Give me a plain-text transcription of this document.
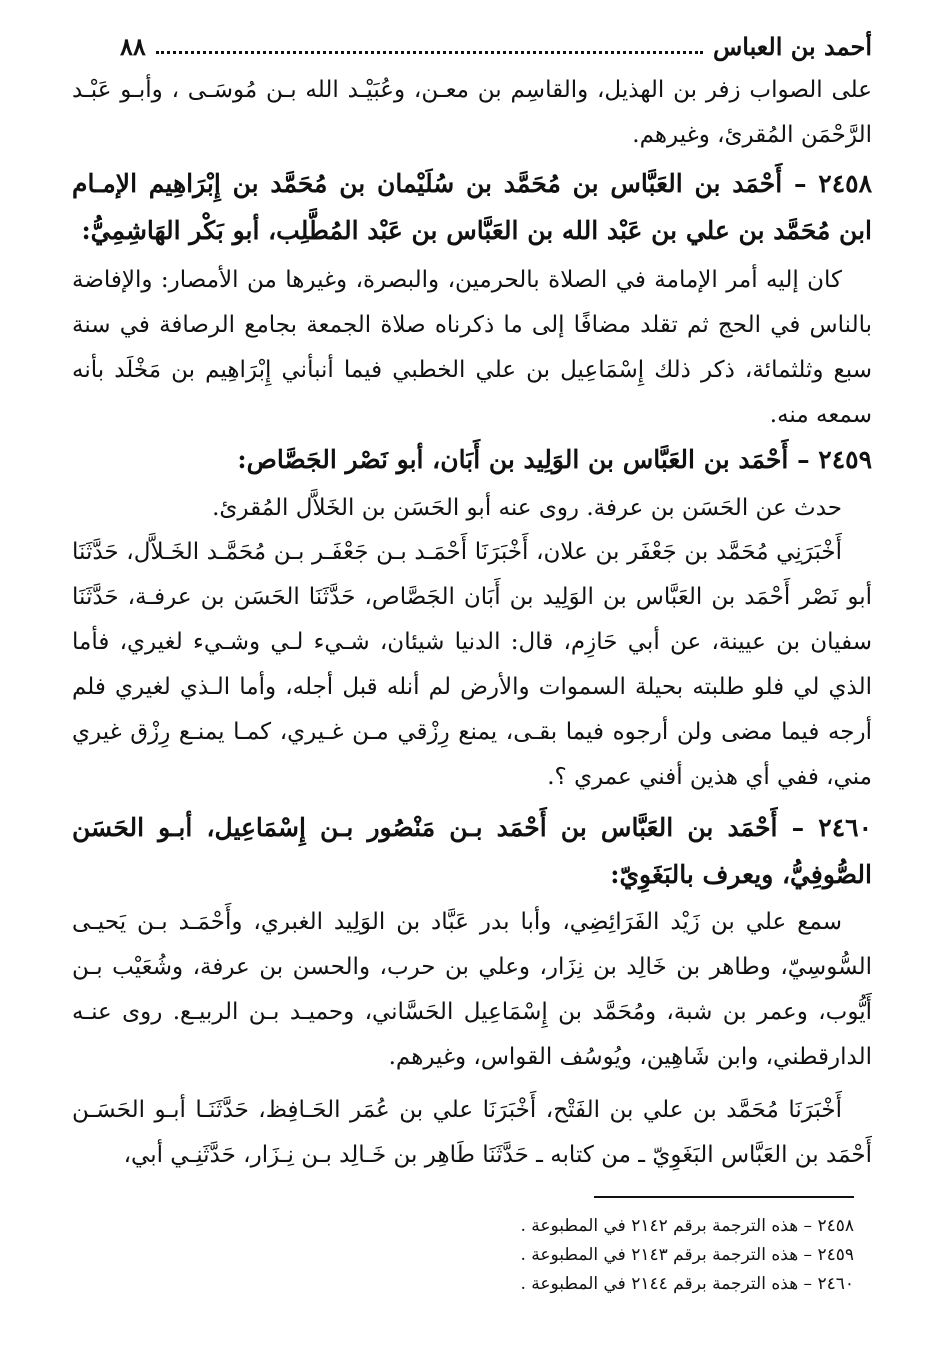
أحمد بن العباس
٨٨

على الصواب زفر بن الهذيل، والقاسِم بن معـن، وعُبَيْـد الله بـن مُوسَـى ، وأبـو عَبْـد الرَّحْمَن المُقرئ، وغيرهم.

٢٤٥٨ – أَحْمَد بن العَبَّاس بن مُحَمَّد بن سُلَيْمان بن مُحَمَّد بن إِبْرَاهِيم الإمـام ابن مُحَمَّد بن علي بن عَبْد الله بن العَبَّاس بن عَبْد المُطَّلِب، أبو بَكْر الهَاشِمِيُّ:

كان إليه أمر الإمامة في الصلاة بالحرمين، والبصرة، وغيرها من الأمصار: والإفاضة بالناس في الحج ثم تقلد مضافًا إلى ما ذكرناه صلاة الجمعة بجامع الرصافة في سنة سبع وثلثمائة، ذكر ذلك إِسْمَاعِيل بن علي الخطبي فيما أنبأني إِبْرَاهِيم بن مَخْلَد بأنه سمعه منه.

٢٤٥٩ – أَحْمَد بن العَبَّاس بن الوَلِيد بن أَبَان، أبو نَصْر الجَصَّاص:

حدث عن الحَسَن بن عرفة. روى عنه أبو الحَسَن بن الخَلاَّل المُقرئ.

أَخْبَرَنِي مُحَمَّد بن جَعْفَر بن علان، أَخْبَرَنَا أَحْمَـد بـن جَعْفَـر بـن مُحَمَّـد الخَـلاَّل، حَدَّثَنَا أبو نَصْر أَحْمَد بن العَبَّاس بن الوَلِيد بن أَبَان الجَصَّاص، حَدَّثَنَا الحَسَن بن عرفـة، حَدَّثَنَا سفيان بن عيينة، عن أبي حَازِم، قال: الدنيا شيئان، شـيء لـي وشـيء لغيري، فأما الذي لي فلو طلبته بحيلة السموات والأرض لم أنله قبل أجله، وأما الـذي لغيري فلم أرجه فيما مضى ولن أرجوه فيما بقـى، يمنع رِزْقي مـن غـيري، كمـا يمنـع رِزْق غيري مني، ففي أي هذين أفني عمري ؟.

٢٤٦٠ – أَحْمَد بن العَبَّاس بن أَحْمَد بـن مَنْصُور بـن إِسْمَاعِيل، أبـو الحَسَن الصُّوفِيُّ، ويعرف بالبَغَوِيّ:

سمع علي بن زَيْد الفَرَائِضِي، وأبا بدر عَبَّاد بن الوَلِيد الغبري، وأَحْمَـد بـن يَحيـى السُّوسِيّ، وطاهر بن خَالِد بن نِزَار، وعلي بن حرب، والحسن بن عرفة، وشُعَيْب بـن أَيُّوب، وعمر بن شبة، ومُحَمَّد بن إِسْمَاعِيل الحَسَّاني، وحميـد بـن الربيـع. روى عنـه الدارقطني، وابن شَاهِين، ويُوسُف القواس، وغيرهم.

أَخْبَرَنَا مُحَمَّد بن علي بن الفَتْح، أَخْبَرَنَا علي بن عُمَر الحَـافِظ، حَدَّثَنَـا أبـو الحَسَـن أَحْمَد بن العَبَّاس البَغَوِيّ ـ من كتابه ـ حَدَّثَنَا طَاهِر بن خَـالِد بـن نِـزَار، حَدَّثَنِـي أبي،

٢٤٥٨ – هذه الترجمة برقم ٢١٤٢ في المطبوعة .
٢٤٥٩ – هذه الترجمة برقم ٢١٤٣ في المطبوعة .
٢٤٦٠ – هذه الترجمة برقم ٢١٤٤ في المطبوعة .
